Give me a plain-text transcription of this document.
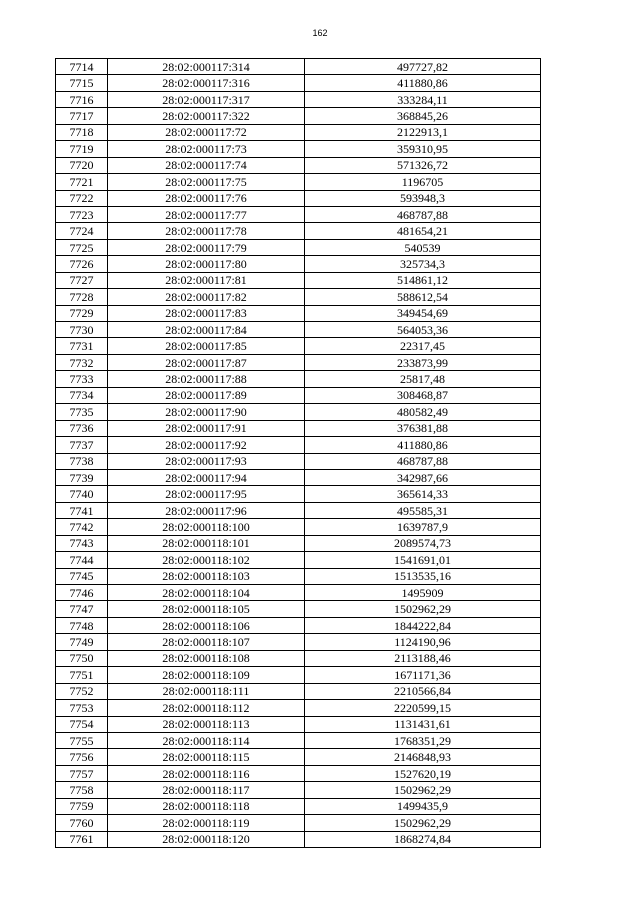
162
7714	28:02:000117:314	497727,82
7715	28:02:000117:316	411880,86
7716	28:02:000117:317	333284,11
7717	28:02:000117:322	368845,26
7718	28:02:000117:72	2122913,1
7719	28:02:000117:73	359310,95
7720	28:02:000117:74	571326,72
7721	28:02:000117:75	1196705
7722	28:02:000117:76	593948,3
7723	28:02:000117:77	468787,88
7724	28:02:000117:78	481654,21
7725	28:02:000117:79	540539
7726	28:02:000117:80	325734,3
7727	28:02:000117:81	514861,12
7728	28:02:000117:82	588612,54
7729	28:02:000117:83	349454,69
7730	28:02:000117:84	564053,36
7731	28:02:000117:85	22317,45
7732	28:02:000117:87	233873,99
7733	28:02:000117:88	25817,48
7734	28:02:000117:89	308468,87
7735	28:02:000117:90	480582,49
7736	28:02:000117:91	376381,88
7737	28:02:000117:92	411880,86
7738	28:02:000117:93	468787,88
7739	28:02:000117:94	342987,66
7740	28:02:000117:95	365614,33
7741	28:02:000117:96	495585,31
7742	28:02:000118:100	1639787,9
7743	28:02:000118:101	2089574,73
7744	28:02:000118:102	1541691,01
7745	28:02:000118:103	1513535,16
7746	28:02:000118:104	1495909
7747	28:02:000118:105	1502962,29
7748	28:02:000118:106	1844222,84
7749	28:02:000118:107	1124190,96
7750	28:02:000118:108	2113188,46
7751	28:02:000118:109	1671171,36
7752	28:02:000118:111	2210566,84
7753	28:02:000118:112	2220599,15
7754	28:02:000118:113	1131431,61
7755	28:02:000118:114	1768351,29
7756	28:02:000118:115	2146848,93
7757	28:02:000118:116	1527620,19
7758	28:02:000118:117	1502962,29
7759	28:02:000118:118	1499435,9
7760	28:02:000118:119	1502962,29
7761	28:02:000118:120	1868274,84
